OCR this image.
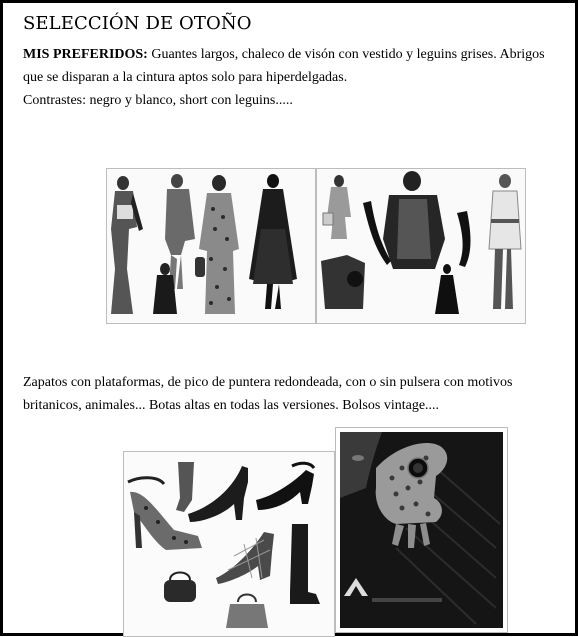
SELECCIÓN DE OTOÑO
MIS PREFERIDOS: Guantes largos, chaleco de visón con vestido y leguins grises. Abrigos que se disparan a la cintura aptos solo para hiperdelgadas.
Contrastes: negro y blanco, short con leguins.....
Zapatos con plataformas, de pico de puntera redondeada, con o sin pulsera con motivos britanicos, animales... Botas altas en todas las versiones. Bolsos vintage....
